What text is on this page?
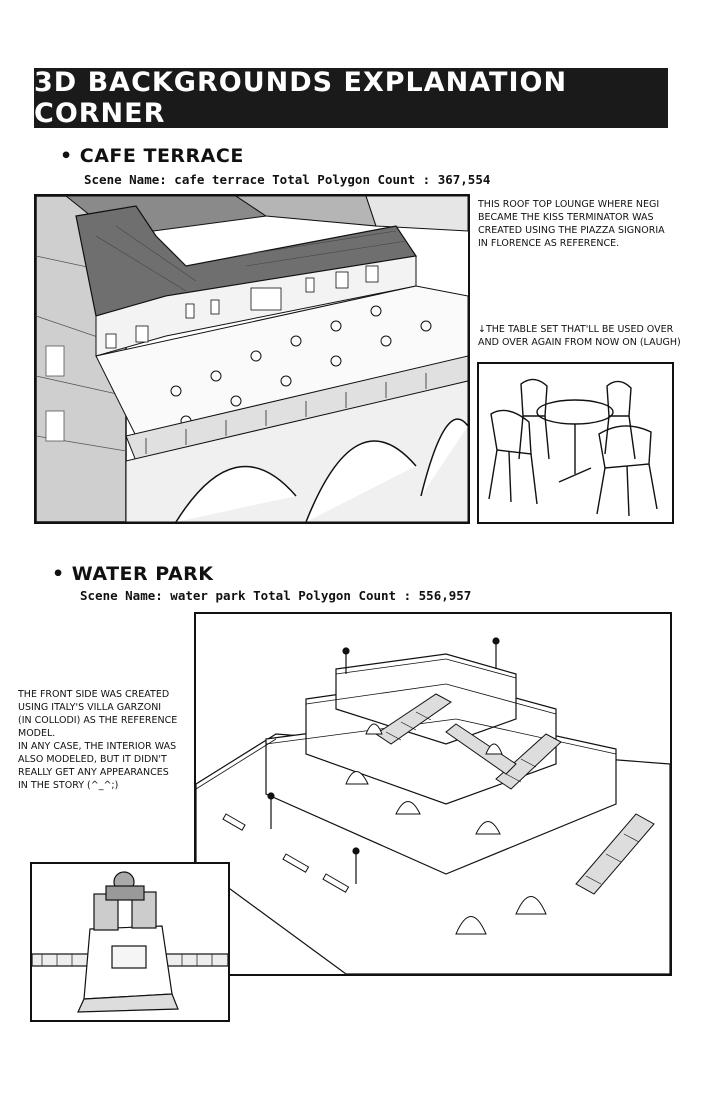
3D BACKGROUNDS EXPLANATION CORNER
• CAFE TERRACE
Scene Name: cafe terrace Total Polygon Count : 367,554
THIS ROOF TOP LOUNGE WHERE NEGI
BECAME THE KISS TERMINATOR WAS
CREATED USING THE PIAZZA SIGNORIA
IN FLORENCE AS REFERENCE.
↓THE TABLE SET THAT'LL BE USED OVER
AND OVER AGAIN FROM NOW ON (LAUGH)
• WATER PARK
Scene Name: water park Total Polygon Count : 556,957
THE FRONT SIDE WAS CREATED
USING ITALY'S VILLA GARZONI
(IN COLLODI) AS THE REFERENCE
MODEL.
IN ANY CASE, THE INTERIOR WAS
ALSO MODELED, BUT IT DIDN'T
REALLY GET ANY APPEARANCES
IN THE STORY (^_^;)
